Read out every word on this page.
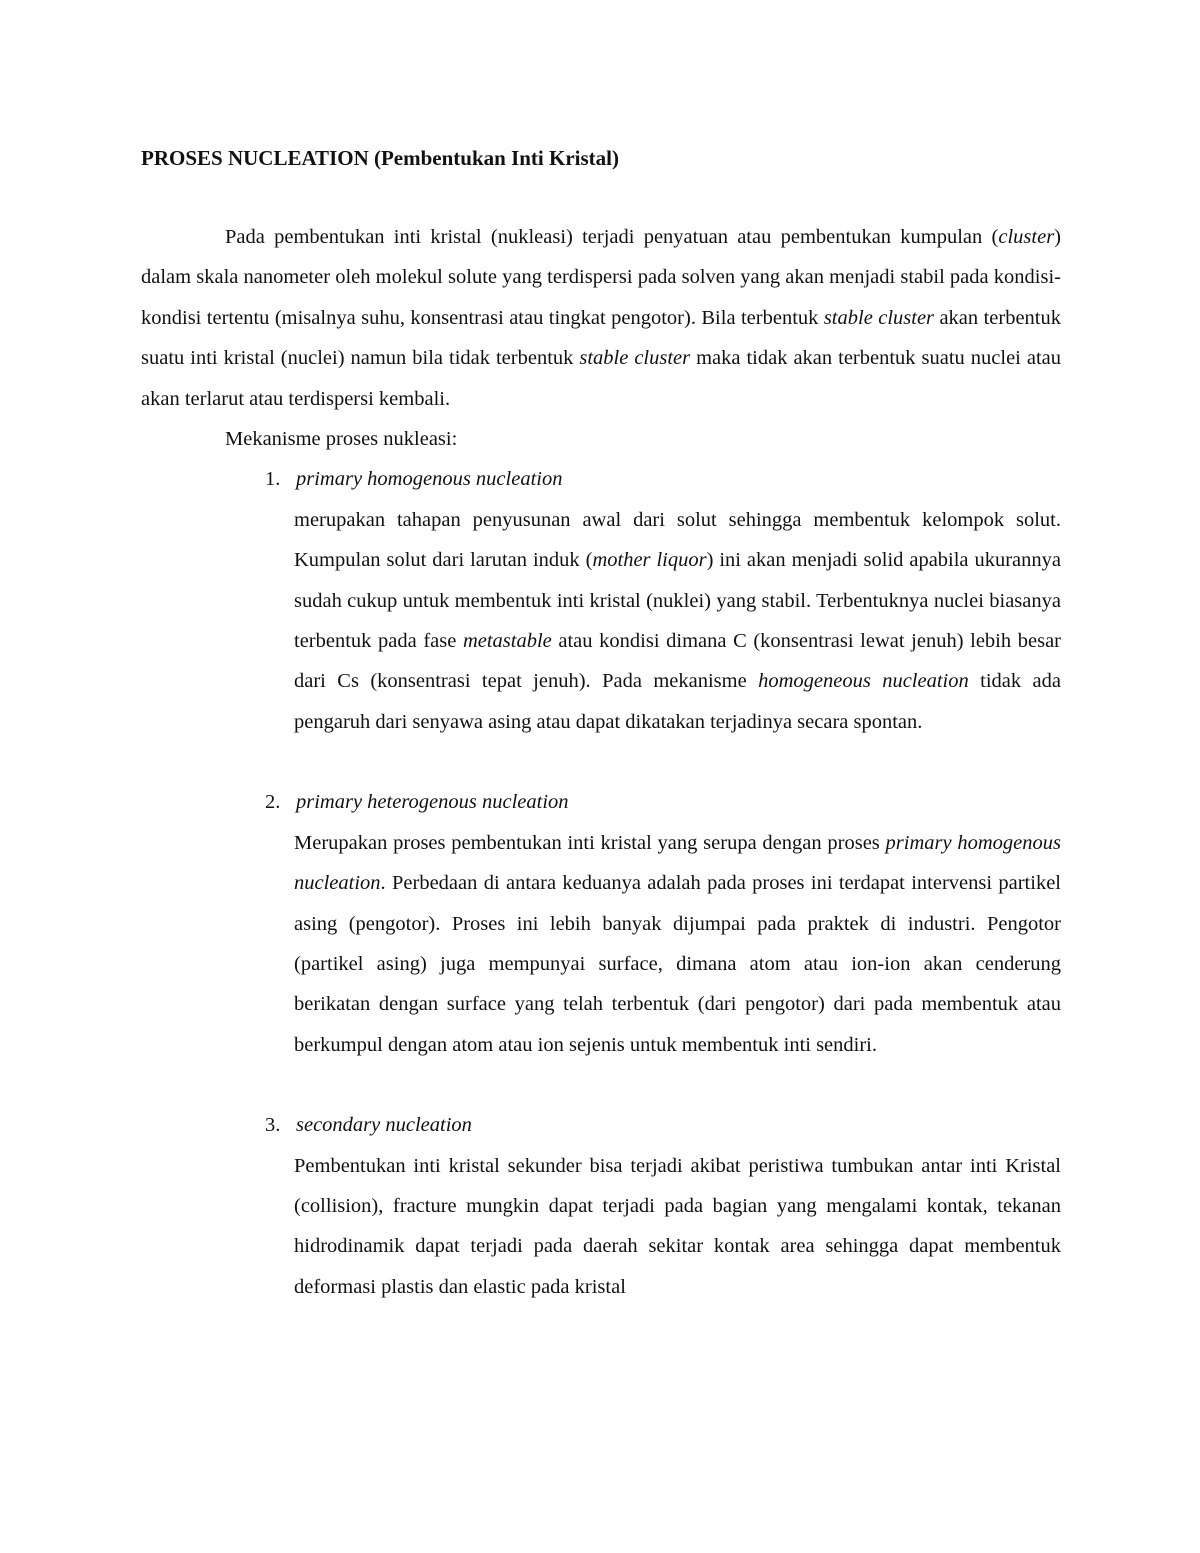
PROSES NUCLEATION (Pembentukan Inti Kristal)

Pada pembentukan inti kristal (nukleasi) terjadi penyatuan atau pembentukan kumpulan (cluster) dalam skala nanometer oleh molekul solute yang terdispersi pada solven yang akan menjadi stabil pada kondisi-kondisi tertentu (misalnya suhu, konsentrasi atau tingkat pengotor). Bila terbentuk stable cluster akan terbentuk suatu inti kristal (nuclei) namun bila tidak terbentuk stable cluster maka tidak akan terbentuk suatu nuclei atau akan terlarut atau terdispersi kembali.

Mekanisme proses nukleasi:

1. primary homogenous nucleation

merupakan tahapan penyusunan awal dari solut sehingga membentuk kelompok solut. Kumpulan solut dari larutan induk (mother liquor) ini akan menjadi solid apabila ukurannya sudah cukup untuk membentuk inti kristal (nuklei) yang stabil. Terbentuknya nuclei biasanya terbentuk pada fase metastable atau kondisi dimana C (konsentrasi lewat jenuh) lebih besar dari Cs (konsentrasi tepat jenuh). Pada mekanisme homogeneous nucleation tidak ada pengaruh dari senyawa asing atau dapat dikatakan terjadinya secara spontan.

2. primary heterogenous nucleation

Merupakan proses pembentukan inti kristal yang serupa dengan proses primary homogenous nucleation. Perbedaan di antara keduanya adalah pada proses ini terdapat intervensi partikel asing (pengotor). Proses ini lebih banyak dijumpai pada praktek di industri. Pengotor (partikel asing) juga mempunyai surface, dimana atom atau ion-ion akan cenderung berikatan dengan surface yang telah terbentuk (dari pengotor) dari pada membentuk atau berkumpul dengan atom atau ion sejenis untuk membentuk inti sendiri.

3. secondary nucleation

Pembentukan inti kristal sekunder bisa terjadi akibat peristiwa tumbukan antar inti Kristal (collision), fracture mungkin dapat terjadi pada bagian yang mengalami kontak, tekanan hidrodinamik dapat terjadi pada daerah sekitar kontak area sehingga dapat membentuk deformasi plastis dan elastic pada kristal
